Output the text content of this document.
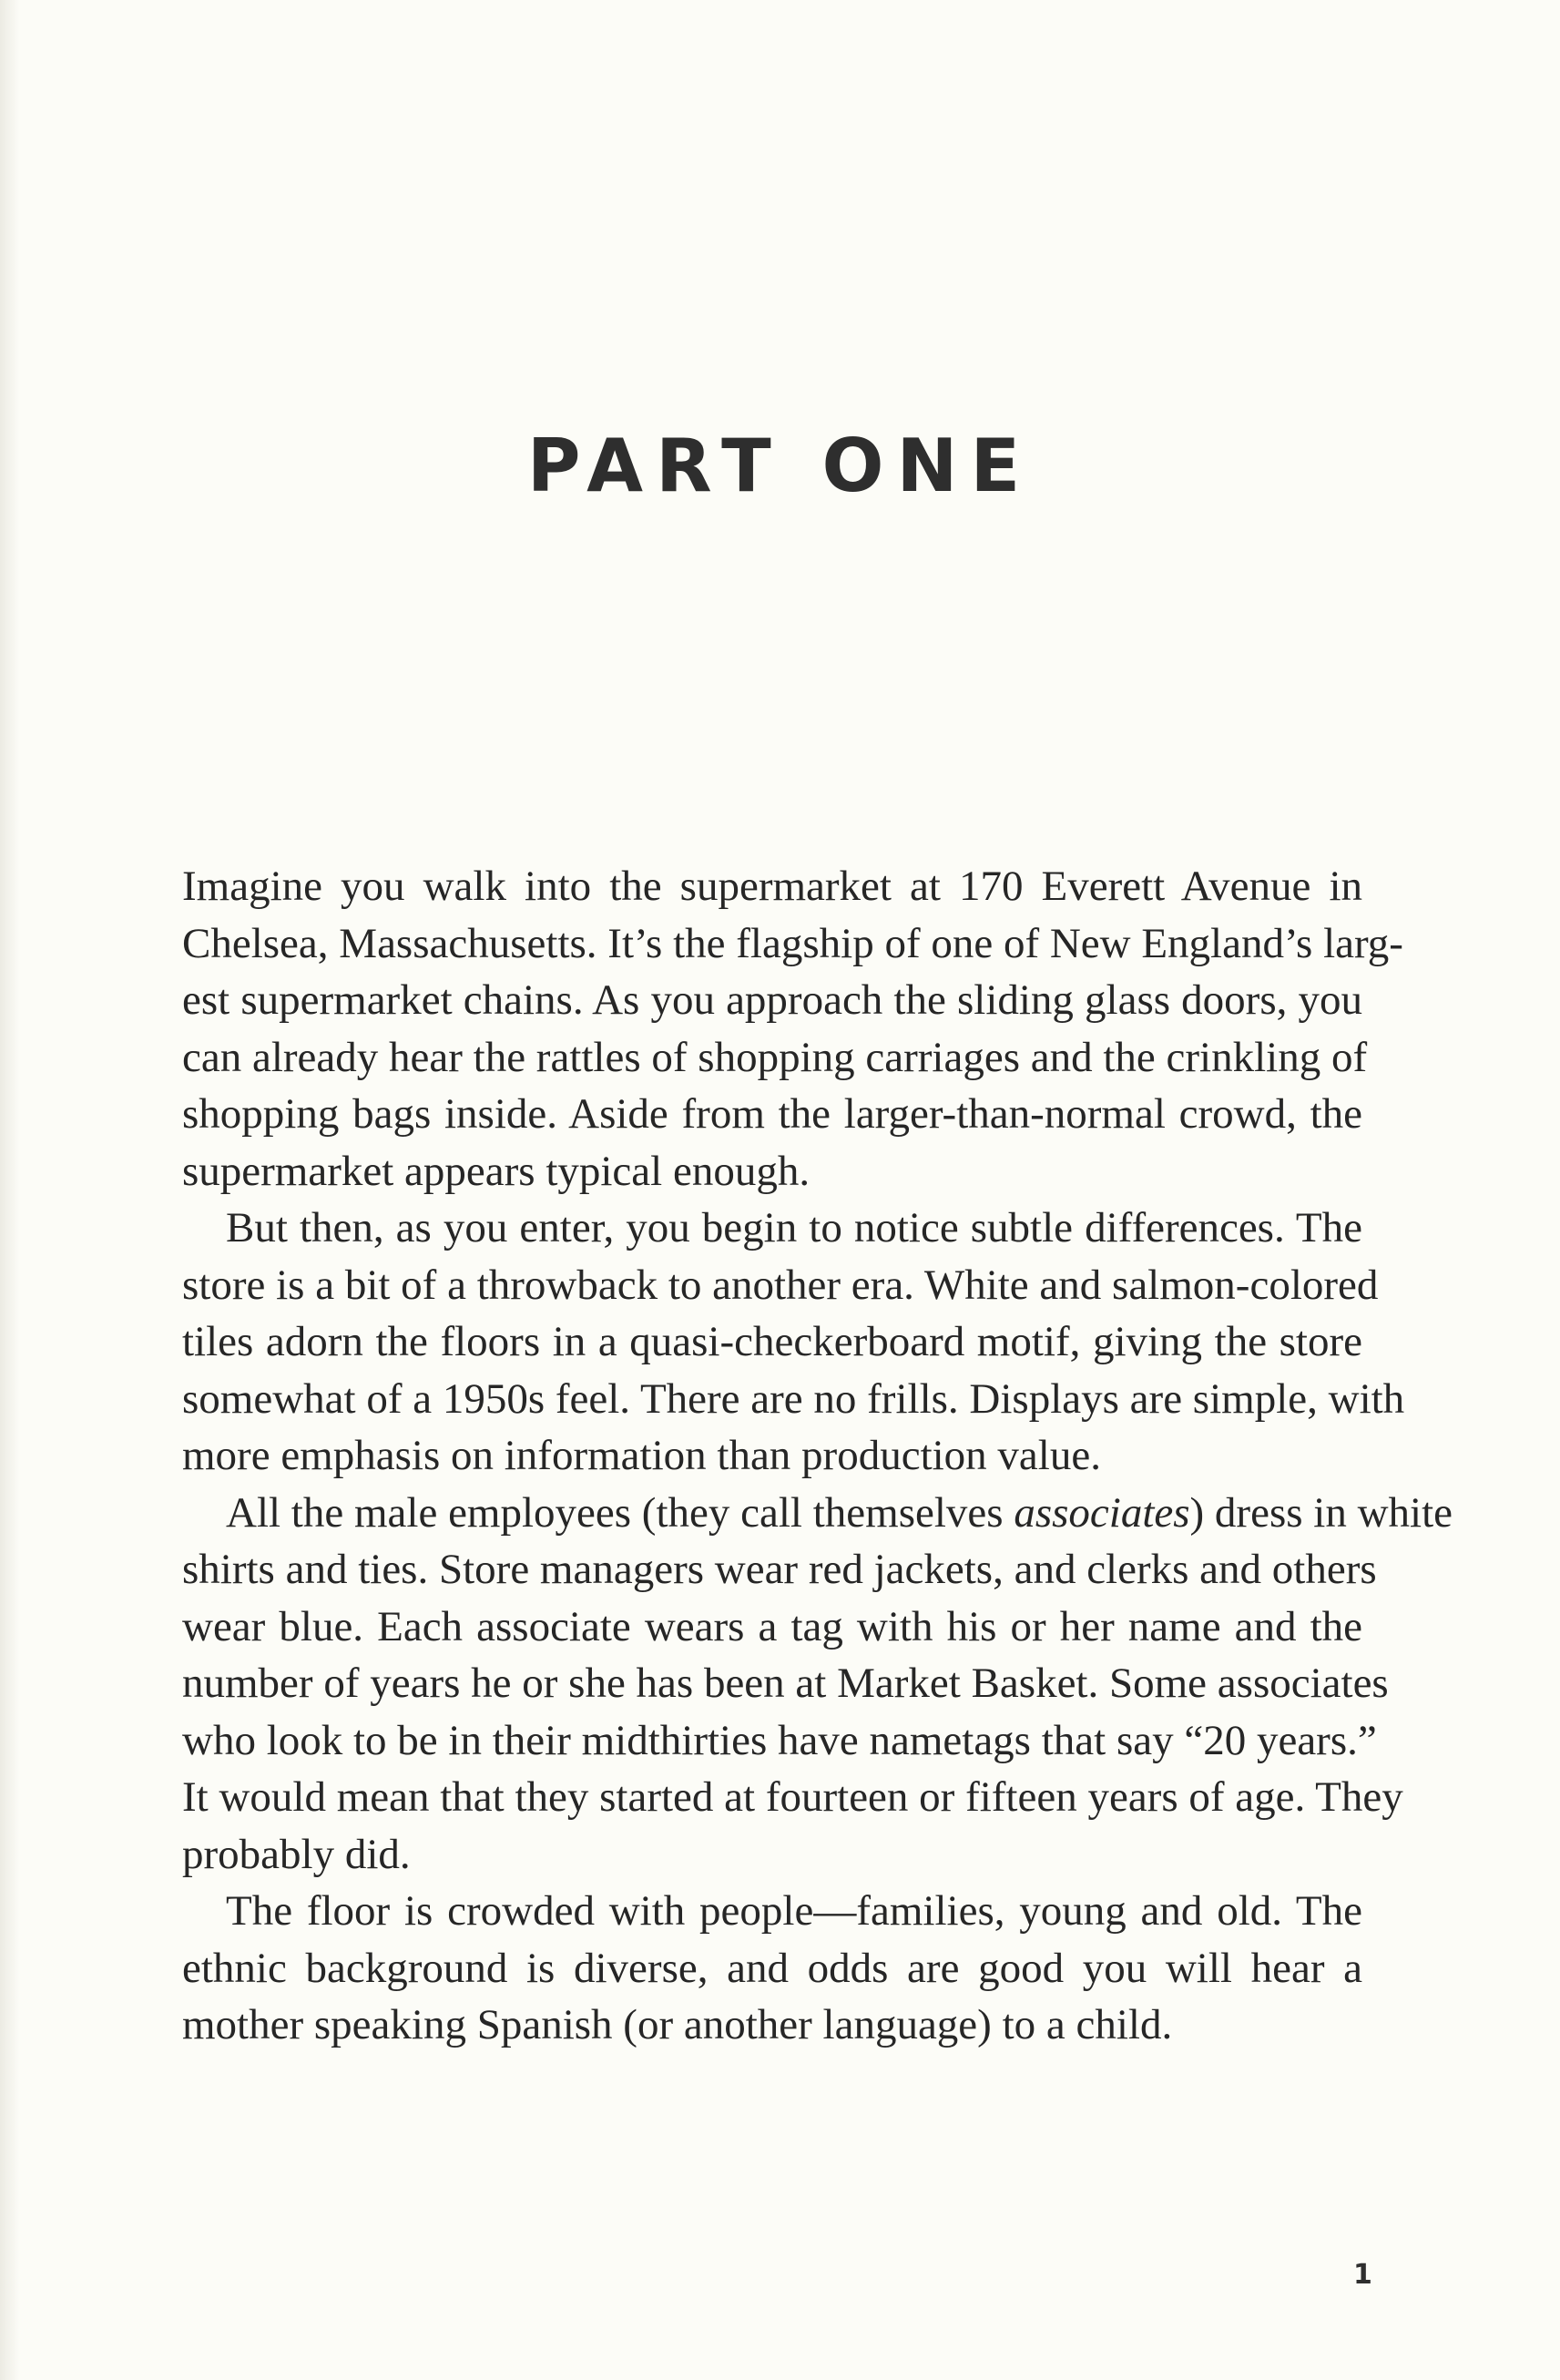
PART ONE
Imagine you walk into the supermarket at 170 Everett Avenue in
Chelsea, Massachusetts. It’s the flagship of one of New England’s larg-
est supermarket chains. As you approach the sliding glass doors, you
can already hear the rattles of shopping carriages and the crinkling of
shopping bags inside. Aside from the larger-than-normal crowd, the
supermarket appears typical enough.
But then, as you enter, you begin to notice subtle differences. The
store is a bit of a throwback to another era. White and salmon-colored
tiles adorn the floors in a quasi-checkerboard motif, giving the store
somewhat of a 1950s feel. There are no frills. Displays are simple, with
more emphasis on information than production value.
All the male employees (they call themselves associates) dress in white
shirts and ties. Store managers wear red jackets, and clerks and others
wear blue. Each associate wears a tag with his or her name and the
number of years he or she has been at Market Basket. Some associates
who look to be in their midthirties have nametags that say “20 years.”
It would mean that they started at fourteen or fifteen years of age. They
probably did.
The floor is crowded with people—families, young and old. The
ethnic background is diverse, and odds are good you will hear a
mother speaking Spanish (or another language) to a child.
1
